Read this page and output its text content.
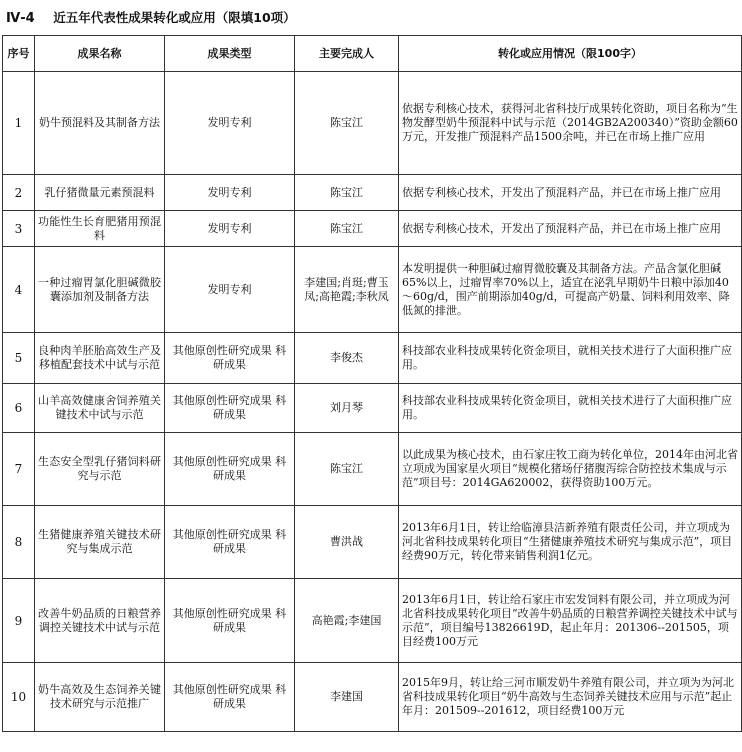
Ⅳ-4 近五年代表性成果转化或应用（限填10项）
序号	成果名称	成果类型	主要完成人	转化或应用情况（限100字）
1	奶牛预混料及其制备方法	发明专利	陈宝江	依据专利核心技术，获得河北省科技厅成果转化资助，项目名称为“生物发酵型奶牛预混料中试与示范（2014GB2A200340）”资助金额60万元，开发推广预混料产品1500余吨，并已在市场上推广应用
2	乳仔猪微量元素预混料	发明专利	陈宝江	依据专利核心技术，开发出了预混料产品，并已在市场上推广应用
3	功能性生长育肥猪用预混料	发明专利	陈宝江	依据专利核心技术，开发出了预混料产品，并已在市场上推广应用
4	一种过瘤胃氯化胆碱微胶囊添加剂及制备方法	发明专利	李建国;肖珽;曹玉凤;高艳霞;李秋凤	本发明提供一种胆碱过瘤胃微胶囊及其制备方法。产品含氯化胆碱65%以上，过瘤胃率70%以上，适宜在泌乳早期奶牛日粮中添加40～60g/d，围产前期添加40g/d，可提高产奶量、饲料利用效率、降低氮的排泄。
5	良种肉羊胚胎高效生产及移植配套技术中试与示范	其他原创性研究成果 科研成果	李俊杰	科技部农业科技成果转化资金项目，就相关技术进行了大面积推广应用。
6	山羊高效健康舍饲养殖关键技术中试与示范	其他原创性研究成果 科研成果	刘月琴	科技部农业科技成果转化资金项目，就相关技术进行了大面积推广应用。
7	生态安全型乳仔猪饲料研究与示范	其他原创性研究成果 科研成果	陈宝江	以此成果为核心技术，由石家庄牧工商为转化单位，2014年由河北省立项成为国家星火项目“规模化猪场仔猪腹泻综合防控技术集成与示范”项目号：2014GA620002，获得资助100万元。
8	生猪健康养殖关键技术研究与集成示范	其他原创性研究成果 科研成果	曹洪战	2013年6月1日，转让给临漳县洁新养殖有限责任公司，并立项成为河北省科技成果转化项目“生猪健康养殖技术研究与集成示范”，项目经费90万元，转化带来销售利润1亿元。
9	改善牛奶品质的日粮营养调控关键技术中试与示范	其他原创性研究成果 科研成果	高艳霞;李建国	2013年6月1日，转让给石家庄市宏发饲料有限公司，并立项成为河北省科技成果转化项目“改善牛奶品质的日粮营养调控关键技术中试与示范”，项目编号13826619D，起止年月：201306--201505，项目经费100万元
10	奶牛高效及生态饲养关键技术研究与示范推广	其他原创性研究成果 科研成果	李建国	2015年9月，转让给三河市顺发奶牛养殖有限公司，并立项为为河北省科技成果转化项目“奶牛高效与生态饲养关键技术应用与示范”起止年月：201509--201612，项目经费100万元
